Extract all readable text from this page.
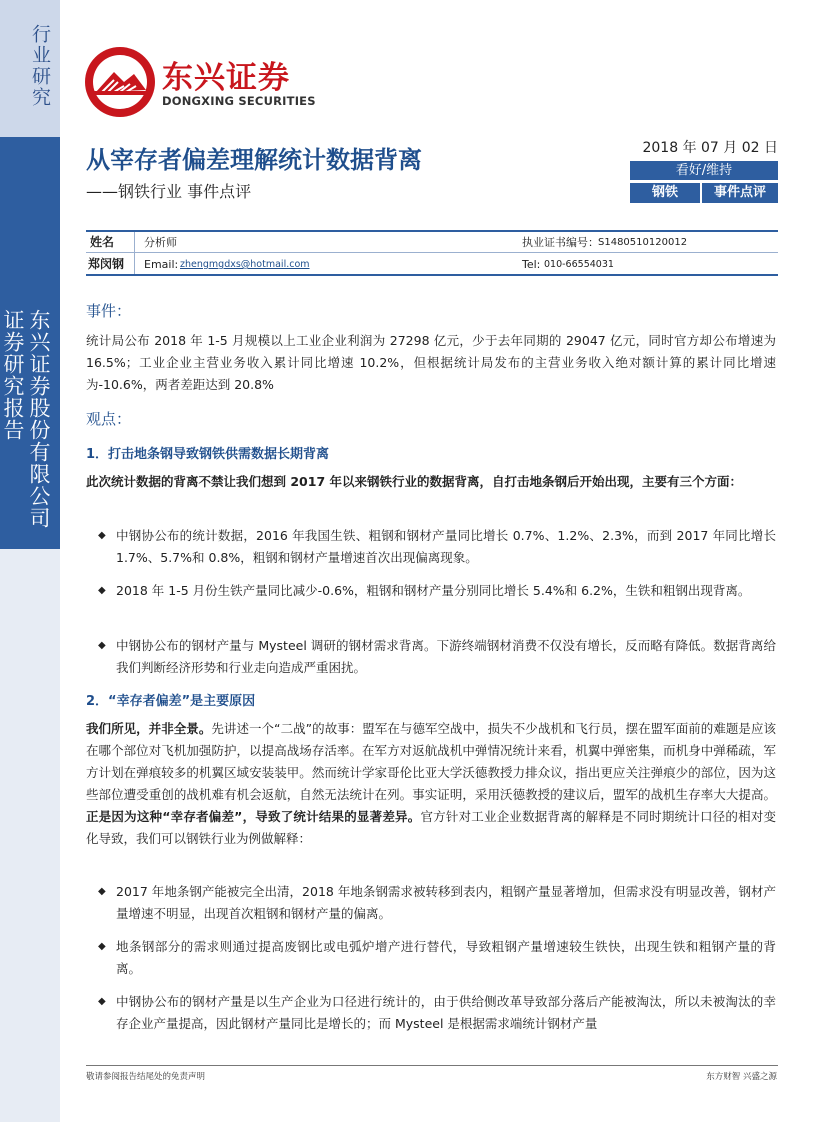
行业研究
东兴证券股份有限公司证券研究报告
东兴证券
DONGXING SECURITIES
从宰存者偏差理解统计数据背离
——钢铁行业 事件点评
2018 年 07 月 02 日
看好/维持
钢铁	事件点评
姓名	分析师	执业证书编号： S1480510120012
郑闵钢 Email: zhengmgdxs@hotmail.com	Tel: 010-66554031
事件：
统计局公布 2018 年 1-5 月规模以上工业企业利润为 27298 亿元，少于去年同期的 29047 亿元，同时官方却公布增速为 16.5%；工业企业主营业务收入累计同比增速 10.2%，但根据统计局发布的主营业务收入绝对额计算的累计同比增速为-10.6%，两者差距达到 20.8%
观点：
1．打击地条钢导致钢铁供需数据长期背离
此次统计数据的背离不禁让我们想到 2017 年以来钢铁行业的数据背离，自打击地条钢后开始出现，主要有三个方面：
◆ 中钢协公布的统计数据，2016 年我国生铁、粗钢和钢材产量同比增长 0.7%、1.2%、2.3%，而到 2017 年同比增长 1.7%、5.7%和 0.8%，粗钢和钢材产量增速首次出现偏离现象。
◆ 2018 年 1-5 月份生铁产量同比减少-0.6%，粗钢和钢材产量分别同比增长 5.4%和 6.2%，生铁和粗钢出现背离。
◆ 中钢协公布的钢材产量与 Mysteel 调研的钢材需求背离。下游终端钢材消费不仅没有增长，反而略有降低。数据背离给我们判断经济形势和行业走向造成严重困扰。
2．“幸存者偏差”是主要原因
我们所见，并非全景。先讲述一个“二战”的故事：盟军在与德军空战中，损失不少战机和飞行员，摆在盟军面前的难题是应该在哪个部位对飞机加强防护，以提高战场存活率。在军方对返航战机中弹情况统计来看，机翼中弹密集，而机身中弹稀疏，军方计划在弹痕较多的机翼区域安装装甲。然而统计学家哥伦比亚大学沃德教授力排众议，指出更应关注弹痕少的部位，因为这些部位遭受重创的战机难有机会返航，自然无法统计在列。事实证明，采用沃德教授的建议后，盟军的战机生存率大大提高。正是因为这种“幸存者偏差”，导致了统计结果的显著差异。官方针对工业企业数据背离的解释是不同时期统计口径的相对变化导致，我们可以钢铁行业为例做解释：
◆ 2017 年地条钢产能被完全出清，2018 年地条钢需求被转移到表内，粗钢产量显著增加，但需求没有明显改善，钢材产量增速不明显，出现首次粗钢和钢材产量的偏离。
◆ 地条钢部分的需求则通过提高废钢比或电弧炉增产进行替代，导致粗钢产量增速较生铁快，出现生铁和粗钢产量的背离。
◆ 中钢协公布的钢材产量是以生产企业为口径进行统计的，由于供给侧改革导致部分落后产能被淘汰，所以未被淘汰的幸存企业产量提高，因此钢材产量同比是增长的；而 Mysteel 是根据需求端统计钢材产量
敬请参阅报告结尾处的免责声明	东方财智 兴盛之源
